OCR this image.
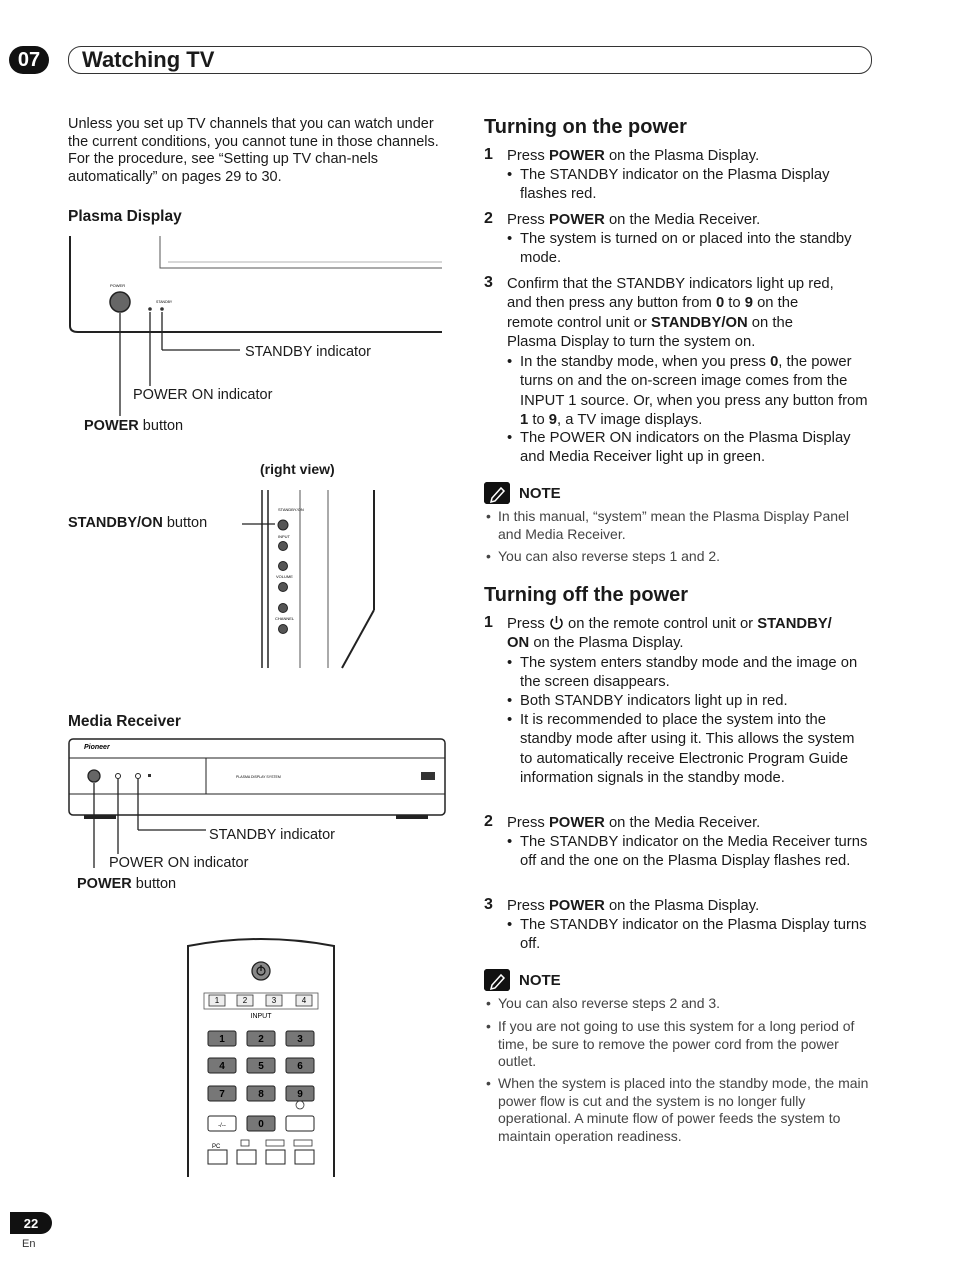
07	Watching TV
Unless you set up TV channels that you can watch under the current conditions, you cannot tune in those channels. For the procedure, see “Setting up TV chan-nels automatically” on pages 29 to 30.
Plasma Display
POWER
STANDBY
STANDBY indicator
POWER ON indicator
POWER button
(right view)
STANDBY/ON button
STANDBY/ON
INPUT
VOLUME
CHANNEL
Media Receiver
Pioneer
PLASMA DISPLAY SYSTEM
STANDBY indicator
POWER ON indicator
POWER button
1	2	3	4
INPUT
1	2	3
4	5	6
7	8	9
-/--	0
PC
Turning on the power
1 Press POWER on the Plasma Display.
• The STANDBY indicator on the Plasma Display flashes red.
2 Press POWER on the Media Receiver.
• The system is turned on or placed into the standby mode.
3 Confirm that the STANDBY indicators light up red,
and then press any button from 0 to 9 on the
remote control unit or STANDBY/ON on the
Plasma Display to turn the system on.
• In the standby mode, when you press 0, the power turns on and the on-screen image comes from the INPUT 1 source. Or, when you press any button from 1 to 9, a TV image displays.
• The POWER ON indicators on the Plasma Display and Media Receiver light up in green.
NOTE
• In this manual, “system” mean the Plasma Display Panel and Media Receiver.
• You can also reverse steps 1 and 2.
Turning off the power
1 Press  on the remote control unit or STANDBY/
ON on the Plasma Display.
• The system enters standby mode and the image on the screen disappears.
• Both STANDBY indicators light up in red.
• It is recommended to place the system into the standby mode after using it. This allows the system to automatically receive Electronic Program Guide information signals in the standby mode.
2 Press POWER on the Media Receiver.
• The STANDBY indicator on the Media Receiver turns off and the one on the Plasma Display flashes red.
3 Press POWER on the Plasma Display.
• The STANDBY indicator on the Plasma Display turns off.
NOTE
• You can also reverse steps 2 and 3.
• If you are not going to use this system for a long period of time, be sure to remove the power cord from the power outlet.
• When the system is placed into the standby mode, the main power flow is cut and the system is no longer fully operational. A minute flow of power feeds the system to maintain operation readiness.
22
En
